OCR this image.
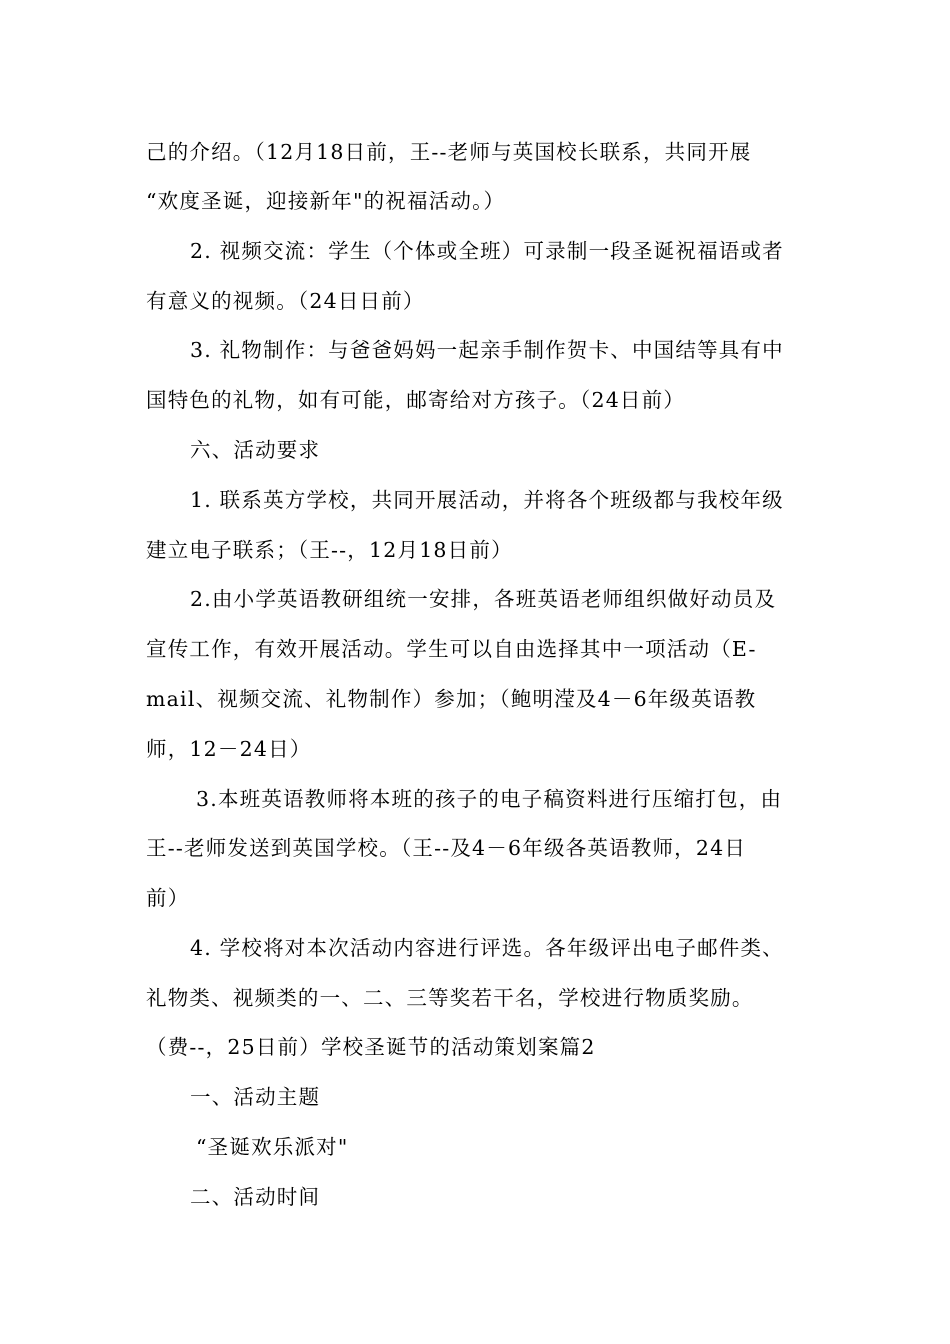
己的介绍。（12月18日前，王--老师与英国校长联系，共同开展
“欢度圣诞，迎接新年"的祝福活动。）
2. 视频交流：学生（个体或全班）可录制一段圣诞祝福语或者
有意义的视频。（24日日前）
3. 礼物制作：与爸爸妈妈一起亲手制作贺卡、中国结等具有中
国特色的礼物，如有可能，邮寄给对方孩子。（24日前）
六、活动要求
1. 联系英方学校，共同开展活动，并将各个班级都与我校年级
建立电子联系；（王--，12月18日前）
2.由小学英语教研组统一安排，各班英语老师组织做好动员及
宣传工作，有效开展活动。学生可以自由选择其中一项活动（E-
mail、视频交流、礼物制作）参加；（鲍明滢及4－6年级英语教
师，12－24日）
3.本班英语教师将本班的孩子的电子稿资料进行压缩打包，由
王--老师发送到英国学校。（王--及4－6年级各英语教师，24日
前）
4. 学校将对本次活动内容进行评选。各年级评出电子邮件类、
礼物类、视频类的一、二、三等奖若干名，学校进行物质奖励。
（费--，25日前）学校圣诞节的活动策划案篇2
一、活动主题
“圣诞欢乐派对"
二、活动时间
